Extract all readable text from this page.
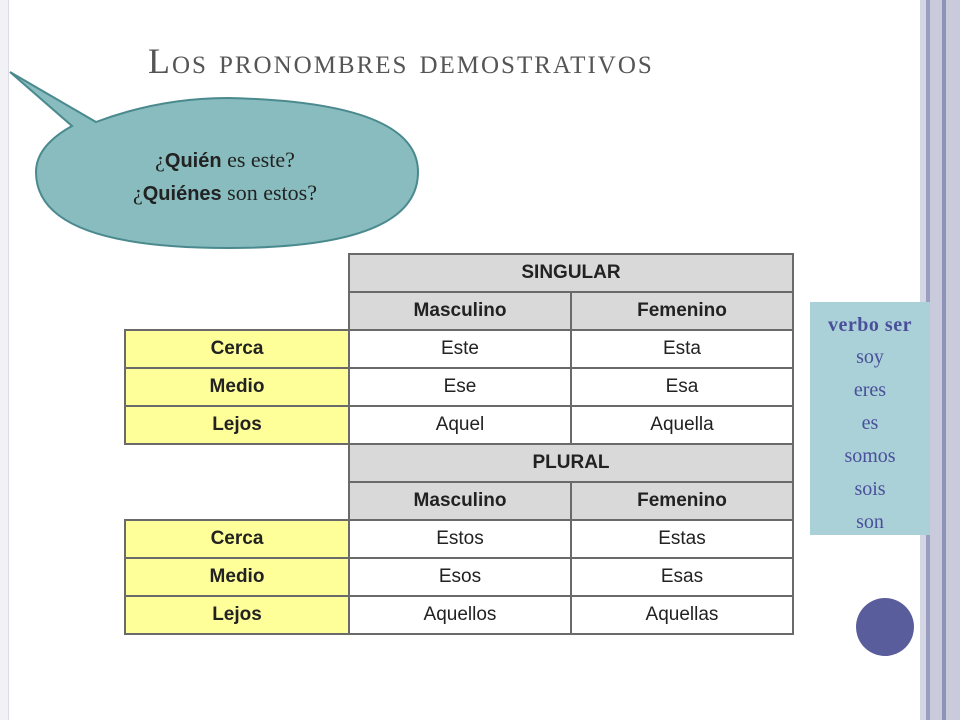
Los pronombres demostrativos
¿Quién es este?
¿Quiénes son estos?
	SINGULAR	
	Masculino	Femenino
Cerca	Este	Esta
Medio	Ese	Esa
Lejos	Aquel	Aquella
	PLURAL	
	Masculino	Femenino
Cerca	Estos	Estas
Medio	Esos	Esas
Lejos	Aquellos	Aquellas
verbo ser
soy
eres
es
somos
sois
son
